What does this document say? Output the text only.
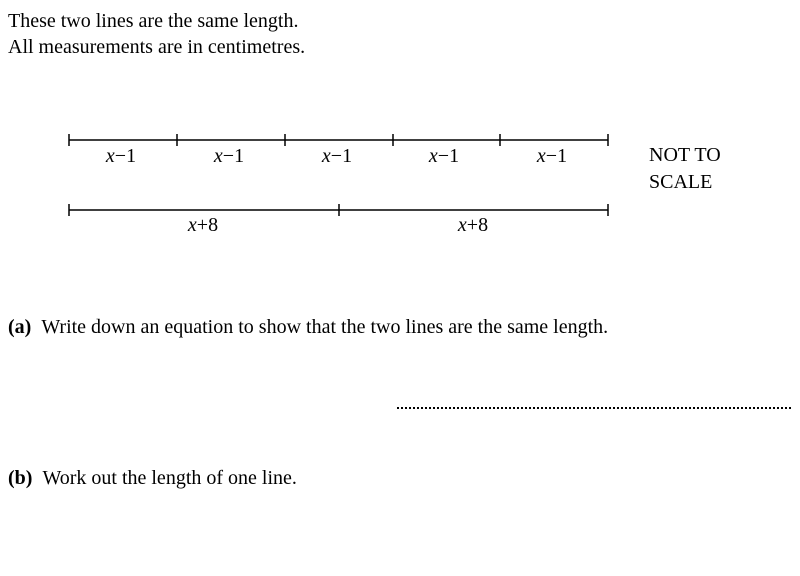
These two lines are the same length.
All measurements are in centimetres.
x−1	x−1	x−1	x−1	x−1
x+8	x+8
NOT TO
SCALE
(a) Write down an equation to show that the two lines are the same length.
(b) Work out the length of one line.
